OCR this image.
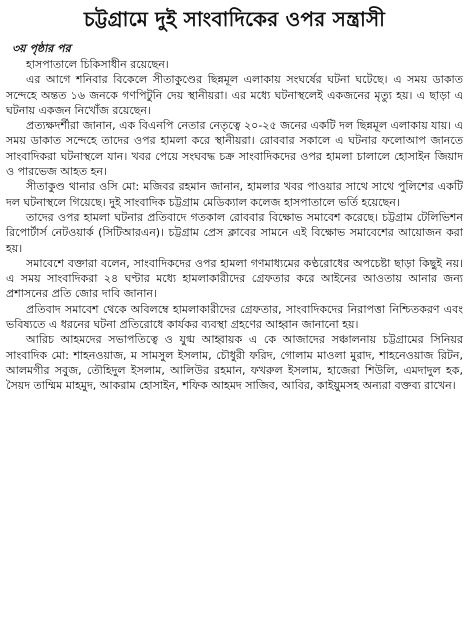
চট্টগ্রামে দুই সাংবাদিকের ওপর সন্ত্রাসী
৩য় পৃষ্ঠার পর

হাসপাতালে চিকিসাধীন রয়েছেন।

এর আগে শনিবার বিকেলে সীতাকুণ্ডের ছিন্নমূল এলাকায় সংঘর্ষের ঘটনা ঘটেছে। এ সময় ডাকাত সন্দেহে অন্তত ১৬ জনকে গণপিটুনি দেয় স্থানীয়রা। এর মধ্যে ঘটনাস্থলেই একজনের মৃত্যু হয়। এ ছাড়া এ ঘটনায় একজন নিখোঁজ রয়েছেন।

প্রত্যক্ষদর্শীরা জানান, এক বিএনপি নেতার নেতৃত্বে ২০-২৫ জনের একটি দল ছিন্নমূল এলাকায় যায়। এ সময় ডাকাত সন্দেহে তাদের ওপর হামলা করে স্থানীয়রা। রোববার সকালে এ ঘটনার ফলোআপ জানতে সাংবাদিকরা ঘটনাস্থলে যান। খবর পেয়ে সংঘবদ্ধ চক্র সাংবাদিকদের ওপর হামলা চালালে হোসাইন জিয়াদ ও পারভেজ আহত হন।

সীতাকুণ্ড থানার ওসি মো: মজিবর রহমান জানান, হামলার খবর পাওয়ার সাথে সাথে পুলিশের একটি দল ঘটনাস্থলে গিয়েছে। দুই সাংবাদিক চট্টগ্রাম মেডিক্যাল কলেজ হাসপাতালে ভর্তি হয়েছেন।

তাদের ওপর হামলা ঘটনার প্রতিবাদে গতকাল রোববার বিক্ষোভ সমাবেশ করেছে। চট্টগ্রাম টেলিভিশন রিপোর্টার্স নেটওয়ার্ক (সিটিআরএন)। চট্টগ্রাম প্রেস ক্লাবের সামনে এই বিক্ষোভ সমাবেশের আয়োজন করা হয়।

সমাবেশে বক্তারা বলেন, সাংবাদিকদের ওপর হামলা গণমাধ্যমের কণ্ঠরোধের অপচেষ্টা ছাড়া কিছুই নয়। এ সময় সাংবাদিকরা ২৪ ঘণ্টার মধ্যে হামলাকারীদের গ্রেফতার করে আইনের আওতায় আনার জন্য প্রশাসনের প্রতি জোর দাবি জানান।

প্রতিবাদ সমাবেশ থেকে অবিলম্বে হামলাকারীদের গ্রেফতার, সাংবাদিকদের নিরাপত্তা নিশ্চিতকরণ এবং ভবিষ্যতে এ ধরনের ঘটনা প্রতিরোধে কার্যকর ব্যবস্থা গ্রহণের আহ্বান জানানো হয়।

আরিচ আহমদের সভাপতিত্বে ও যুগ্ম আহ্বায়ক এ কে আজাদের সঞ্চালনায় চট্টগ্রামের সিনিয়র সাংবাদিক মো: শাহনওয়াজ, ম সামসুল ইসলাম, চৌধুরী ফরিদ, গোলাম মাওলা মুরাদ, শাহনেওয়াজ রিটন, আলমগীর সবুজ, তৌহিদুল ইসলাম, আলিউর রহমান, ফখরুল ইসলাম, হাজেরা শিউলি, এমদাদুল হক, সৈয়দ তাম্মিম মাহমুদ, আকরাম হোসাইন, শফিক আহমদ সাজিব, আবির, কাইয়ুমসহ অন্যরা বক্তব্য রাখেন।
